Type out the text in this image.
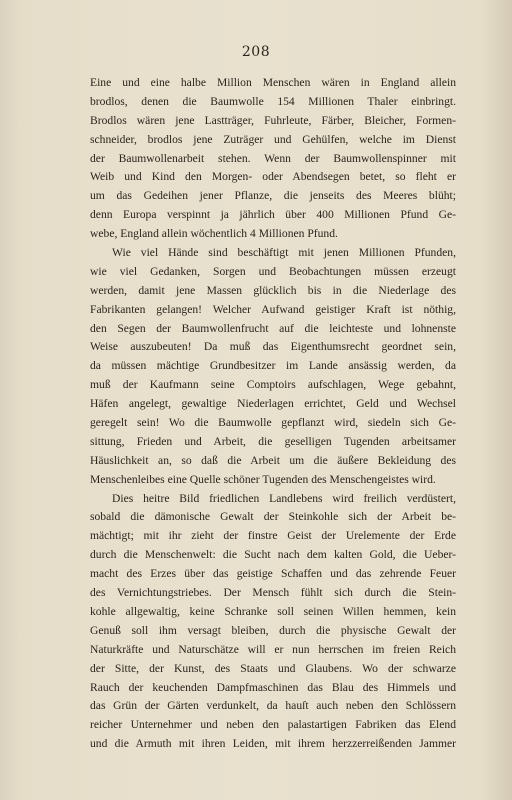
208
Eine und eine halbe Million Menschen wären in England allein
brodlos, denen die Baumwolle 154 Millionen Thaler einbringt.
Brodlos wären jene Lastträger, Fuhrleute, Färber, Bleicher, Formen-
schneider, brodlos jene Zuträger und Gehülfen, welche im Dienst
der Baumwollenarbeit stehen. Wenn der Baumwollenspinner mit
Weib und Kind den Morgen- oder Abendsegen betet, so fleht er
um das Gedeihen jener Pflanze, die jenseits des Meeres blüht;
denn Europa verspinnt ja jährlich über 400 Millionen Pfund Ge-
webe, England allein wöchentlich 4 Millionen Pfund.
Wie viel Hände sind beschäftigt mit jenen Millionen Pfunden,
wie viel Gedanken, Sorgen und Beobachtungen müssen erzeugt
werden, damit jene Massen glücklich bis in die Niederlage des
Fabrikanten gelangen! Welcher Aufwand geistiger Kraft ist nöthig,
den Segen der Baumwollenfrucht auf die leichteste und lohnenste
Weise auszubeuten! Da muß das Eigenthumsrecht geordnet sein,
da müssen mächtige Grundbesitzer im Lande ansässig werden, da
muß der Kaufmann seine Comptoirs aufschlagen, Wege gebahnt,
Häfen angelegt, gewaltige Niederlagen errichtet, Geld und Wechsel
geregelt sein! Wo die Baumwolle gepflanzt wird, siedeln sich Ge-
sittung, Frieden und Arbeit, die geselligen Tugenden arbeitsamer
Häuslichkeit an, so daß die Arbeit um die äußere Bekleidung des
Menschenleibes eine Quelle schöner Tugenden des Menschengeistes wird.
Dies heitre Bild friedlichen Landlebens wird freilich verdüstert,
sobald die dämonische Gewalt der Steinkohle sich der Arbeit be-
mächtigt; mit ihr zieht der finstre Geist der Urelemente der Erde
durch die Menschenwelt: die Sucht nach dem kalten Gold, die Ueber-
macht des Erzes über das geistige Schaffen und das zehrende Feuer
des Vernichtungstriebes. Der Mensch fühlt sich durch die Stein-
kohle allgewaltig, keine Schranke soll seinen Willen hemmen, kein
Genuß soll ihm versagt bleiben, durch die physische Gewalt der
Naturkräfte und Naturschätze will er nun herrschen im freien Reich
der Sitte, der Kunst, des Staats und Glaubens. Wo der schwarze
Rauch der keuchenden Dampfmaschinen das Blau des Himmels und
das Grün der Gärten verdunkelt, da hauſt auch neben den Schlössern
reicher Unternehmer und neben den palastartigen Fabriken das Elend
und die Armuth mit ihren Leiden, mit ihrem herzzerreißenden Jammer
